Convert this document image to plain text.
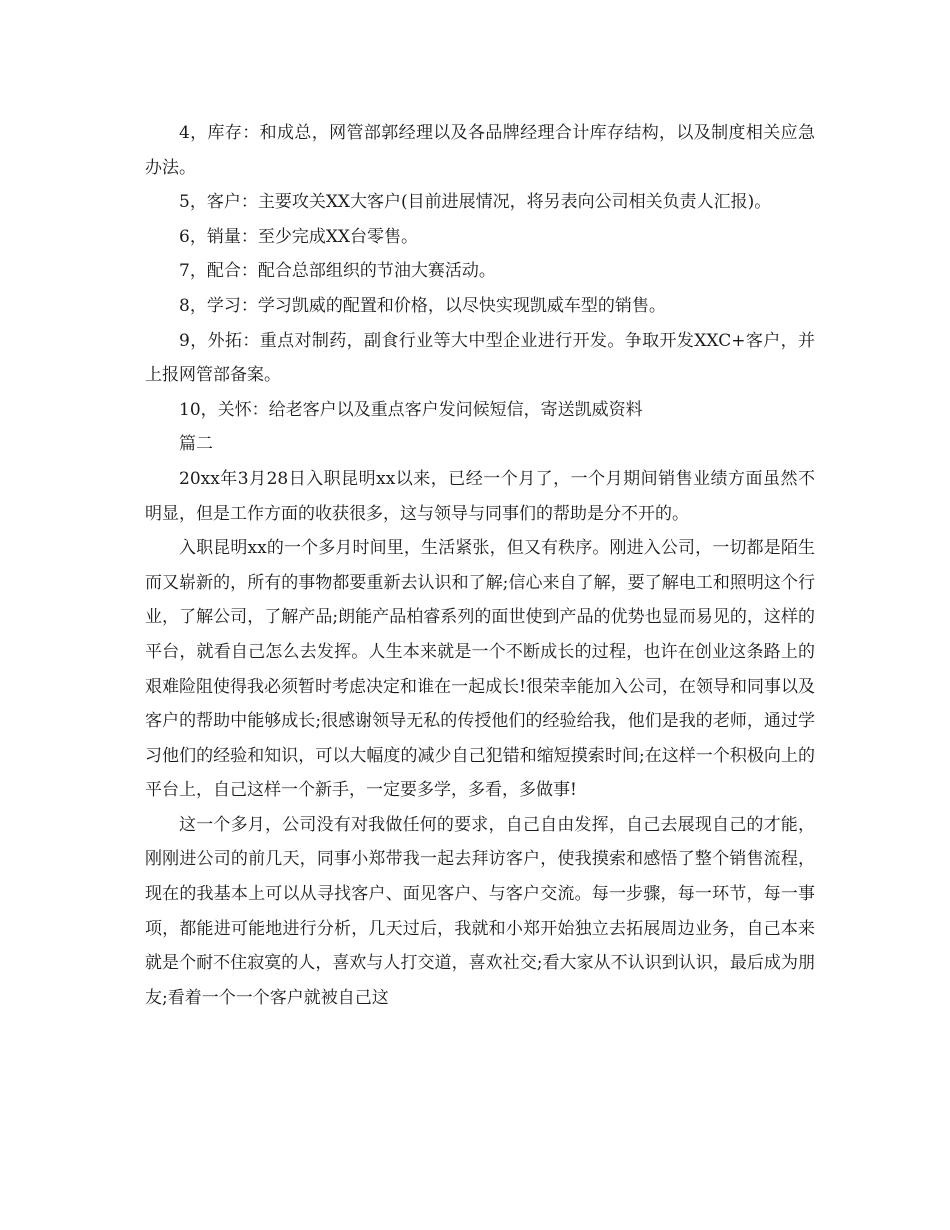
4，库存：和成总，网管部郭经理以及各品牌经理合计库存结构，以及制度相关应急办法。

5，客户：主要攻关XX大客户(目前进展情况，将另表向公司相关负责人汇报)。

6，销量：至少完成XX台零售。

7，配合：配合总部组织的节油大赛活动。

8，学习：学习凯威的配置和价格，以尽快实现凯威车型的销售。

9，外拓：重点对制药，副食行业等大中型企业进行开发。争取开发XXC+客户，并上报网管部备案。

10，关怀：给老客户以及重点客户发问候短信，寄送凯威资料

篇二

20xx年3月28日入职昆明xx以来，已经一个月了，一个月期间销售业绩方面虽然不明显，但是工作方面的收获很多，这与领导与同事们的帮助是分不开的。

入职昆明xx的一个多月时间里，生活紧张，但又有秩序。刚进入公司，一切都是陌生而又崭新的，所有的事物都要重新去认识和了解;信心来自了解，要了解电工和照明这个行业，了解公司，了解产品;朗能产品柏睿系列的面世使到产品的优势也显而易见的，这样的平台，就看自己怎么去发挥。人生本来就是一个不断成长的过程，也许在创业这条路上的艰难险阻使得我必须暂时考虑决定和谁在一起成长!很荣幸能加入公司，在领导和同事以及客户的帮助中能够成长;很感谢领导无私的传授他们的经验给我，他们是我的老师，通过学习他们的经验和知识，可以大幅度的减少自己犯错和缩短摸索时间;在这样一个积极向上的平台上，自己这样一个新手，一定要多学，多看，多做事!

这一个多月，公司没有对我做任何的要求，自己自由发挥，自己去展现自己的才能，刚刚进公司的前几天，同事小郑带我一起去拜访客户，使我摸索和感悟了整个销售流程，现在的我基本上可以从寻找客户、面见客户、与客户交流。每一步骤，每一环节，每一事项，都能进可能地进行分析，几天过后，我就和小郑开始独立去拓展周边业务，自己本来就是个耐不住寂寞的人，喜欢与人打交道，喜欢社交;看大家从不认识到认识，最后成为朋友;看着一个一个客户就被自己这
